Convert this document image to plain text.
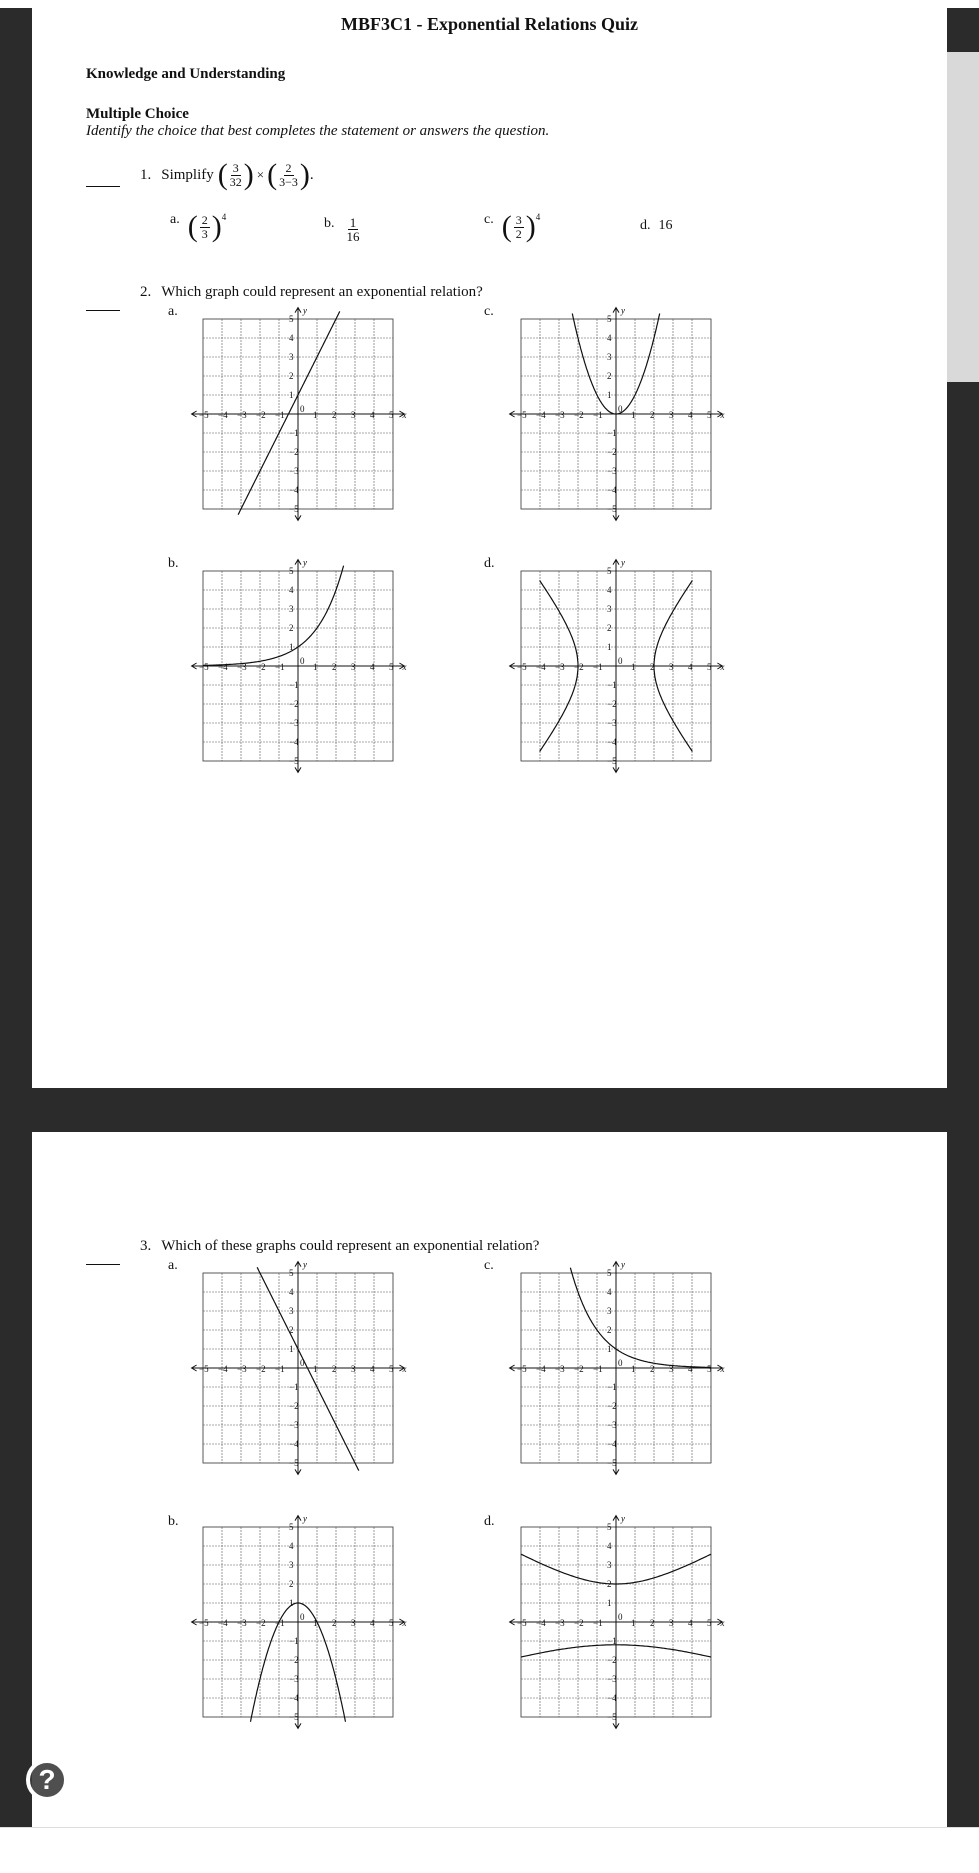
MBF3C1 - Exponential Relations Quiz
Knowledge and Understanding
Multiple Choice
Identify the choice that best completes the statement or answers the question.
1. Simplify ( $\frac{3}{32}$ ) × ( $\frac{2}{3-3}$ ) .
a. ( $\frac{2}{3}$ ) 4	b. $\frac{1}{16}$	c. ( $\frac{3}{2}$ ) 4
d. 16
2. Which graph could represent an exponential relation?
a.	c.
b.	d.
−5 −4 −3 −2 −1	1 2 3 4 5
5
4
3
2
1
−1
−2
−3
−4
−5
0
x
y
−5 −4 −3 −2 −1	1 2 3 4 5
5
4
3
2
1
−1
−2
−3
−4
−5
0
x
y
−5 −4 −3 −2 −1	1 2 3 4 5
5
4
3
2
1
−1
−2
−3
−4
−5
0
x
y
−5 −4 −3 −2 −1	1 2 3 4 5
5
4
3
2
1
−1
−2
−3
−4
−5
0
x
y
3. Which of these graphs could represent an exponential relation?
a.	c.
b.	d.
−5 −4 −3 −2 −1	1 2 3 4 5
5
4
3
2
1
−1
−2
−3
−4
−5
0
x
y
−5 −4 −3 −2 −1	1 2 3 4 5
5
4
3
2
1
−1
−2
−3
−4
−5
0
x
y
−5 −4 −3 −2 −1	1 2 3 4 5
5
4
3
2
1
−1
−2
−3
−4
−5
0
x
y
−5 −4 −3 −2 −1	1 2 3 4 5
5
4
3
2
1
−1
−2
−3
−4
−5
0
x
y
?
